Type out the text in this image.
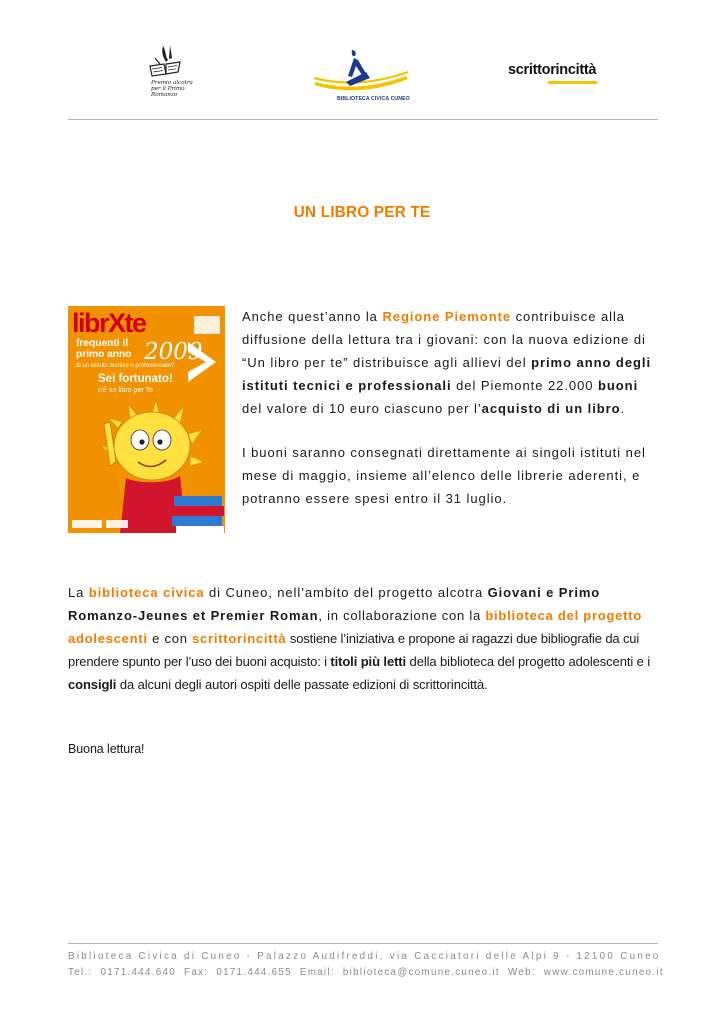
Premio alcotra per il Primo Romanzo
BIBLIOTECA CIVICA CUNEO
scrittorincittà
UN LIBRO PER TE
librXte
frequenti il
primo anno 2009
di un istituto tecnico o professionale?
Sei fortunato!
c'è un libro per Te

Anche quest’anno la Regione Piemonte contribuisce alla diffusione della lettura tra i giovani: con la nuova edizione di “Un libro per te” distribuisce agli allievi del primo anno degli istituti tecnici e professionali del Piemonte 22.000 buoni del valore di 10 euro ciascuno per l’acquisto di un libro.

I buoni saranno consegnati direttamente ai singoli istituti nel mese di maggio, insieme all’elenco delle librerie aderenti, e potranno essere spesi entro il 31 luglio.

La biblioteca civica di Cuneo, nell’ambito del progetto alcotra Giovani e Primo Romanzo-Jeunes et Premier Roman, in collaborazione con la biblioteca del progetto adolescenti e con scrittorincittà sostiene l’iniziativa e propone ai ragazzi due bibliografie da cui prendere spunto per l’uso dei buoni acquisto: i titoli più letti della biblioteca del progetto adolescenti e i consigli da alcuni degli autori ospiti delle passate edizioni di scrittorincittà.

Buona lettura!
Biblioteca Civica di Cuneo - Palazzo Audifreddi, via Cacciatori delle Alpi 9 - 12100 Cuneo
Tel.: 0171.444.640 Fax: 0171.444.655 Email: biblioteca@comune.cuneo.it Web: www.comune.cuneo.it
